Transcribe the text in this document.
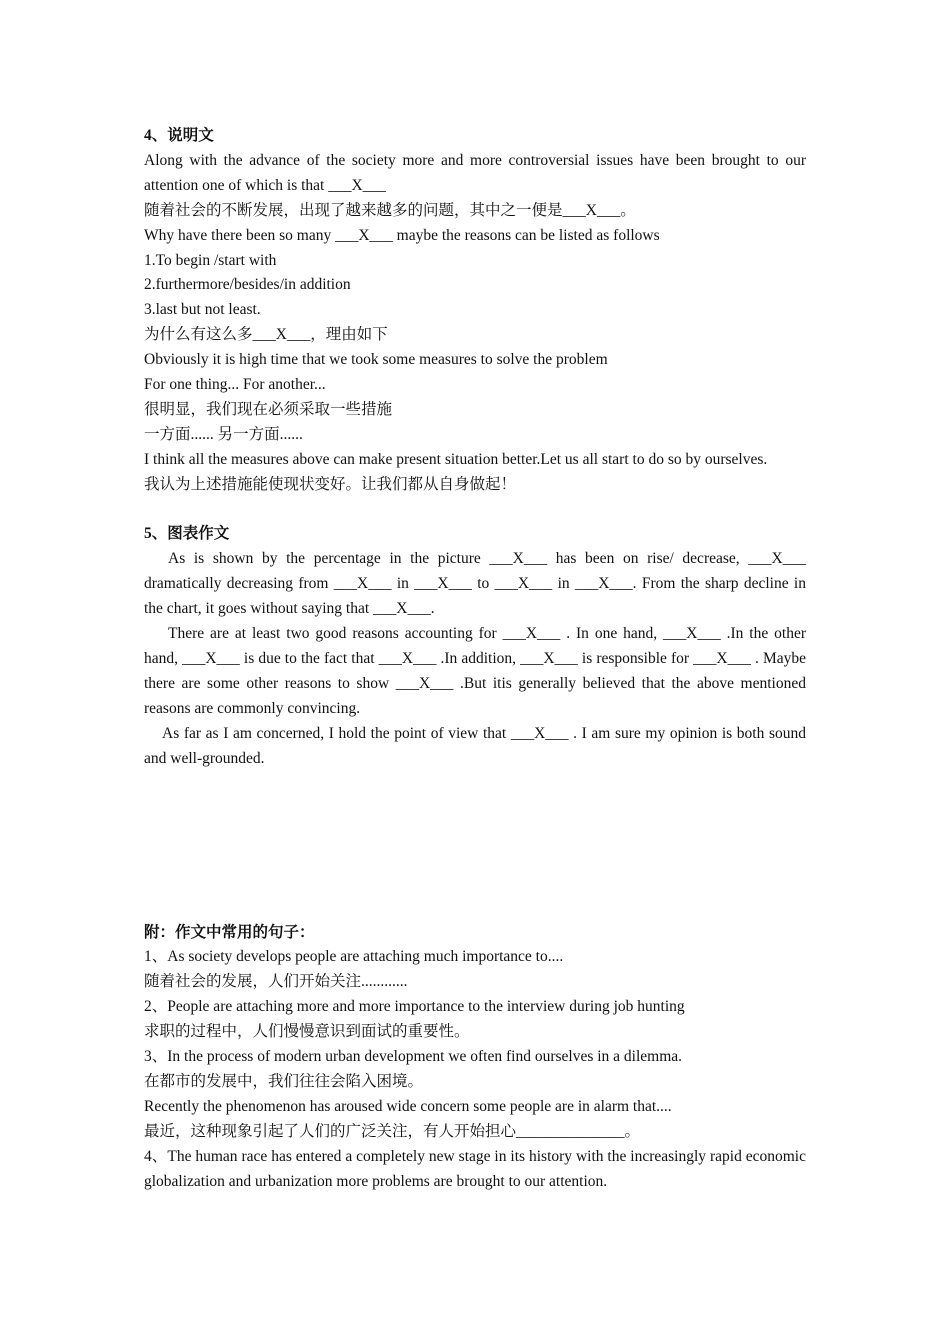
4、说明文

Along with the advance of the society more and more controversial issues have been brought to our attention one of which is that ___X___

随着社会的不断发展，出现了越来越多的问题，其中之一便是___X___。

Why have there been so many ___X___ maybe the reasons can be listed as follows

1.To begin /start with

2.furthermore/besides/in addition

3.last but not least.

为什么有这么多___X___，理由如下

Obviously it is high time that we took some measures to solve the problem

For one thing... For another...

很明显，我们现在必须采取一些措施

一方面...... 另一方面......

I think all the measures above can make present situation better.Let us all start to do so by ourselves.

我认为上述措施能使现状变好。让我们都从自身做起！

5、图表作文

As is shown by the percentage in the picture ___X___ has been on rise/ decrease, ___X___ dramatically decreasing from ___X___ in ___X___ to ___X___ in ___X___. From the sharp decline in the chart, it goes without saying that ___X___.

There are at least two good reasons accounting for ___X___ . In one hand, ___X___ .In the other hand, ___X___ is due to the fact that ___X___ .In addition, ___X___ is responsible for ___X___ . Maybe there are some other reasons to show ___X___ .But itis generally believed that the above mentioned reasons are commonly convincing.

As far as I am concerned, I hold the point of view that ___X___ . I am sure my opinion is both sound and well-grounded.

附：作文中常用的句子：

1、As society develops people are attaching much importance to....

随着社会的发展，人们开始关注............

2、People are attaching more and more importance to the interview during job hunting

求职的过程中，人们慢慢意识到面试的重要性。

3、In the process of modern urban development we often find ourselves in a dilemma.

在都市的发展中，我们往往会陷入困境。

Recently the phenomenon has aroused wide concern some people are in alarm that....

最近，这种现象引起了人们的广泛关注，有人开始担心______________。

4、The human race has entered a completely new stage in its history with the increasingly rapid economic globalization and urbanization more problems are brought to our attention.
